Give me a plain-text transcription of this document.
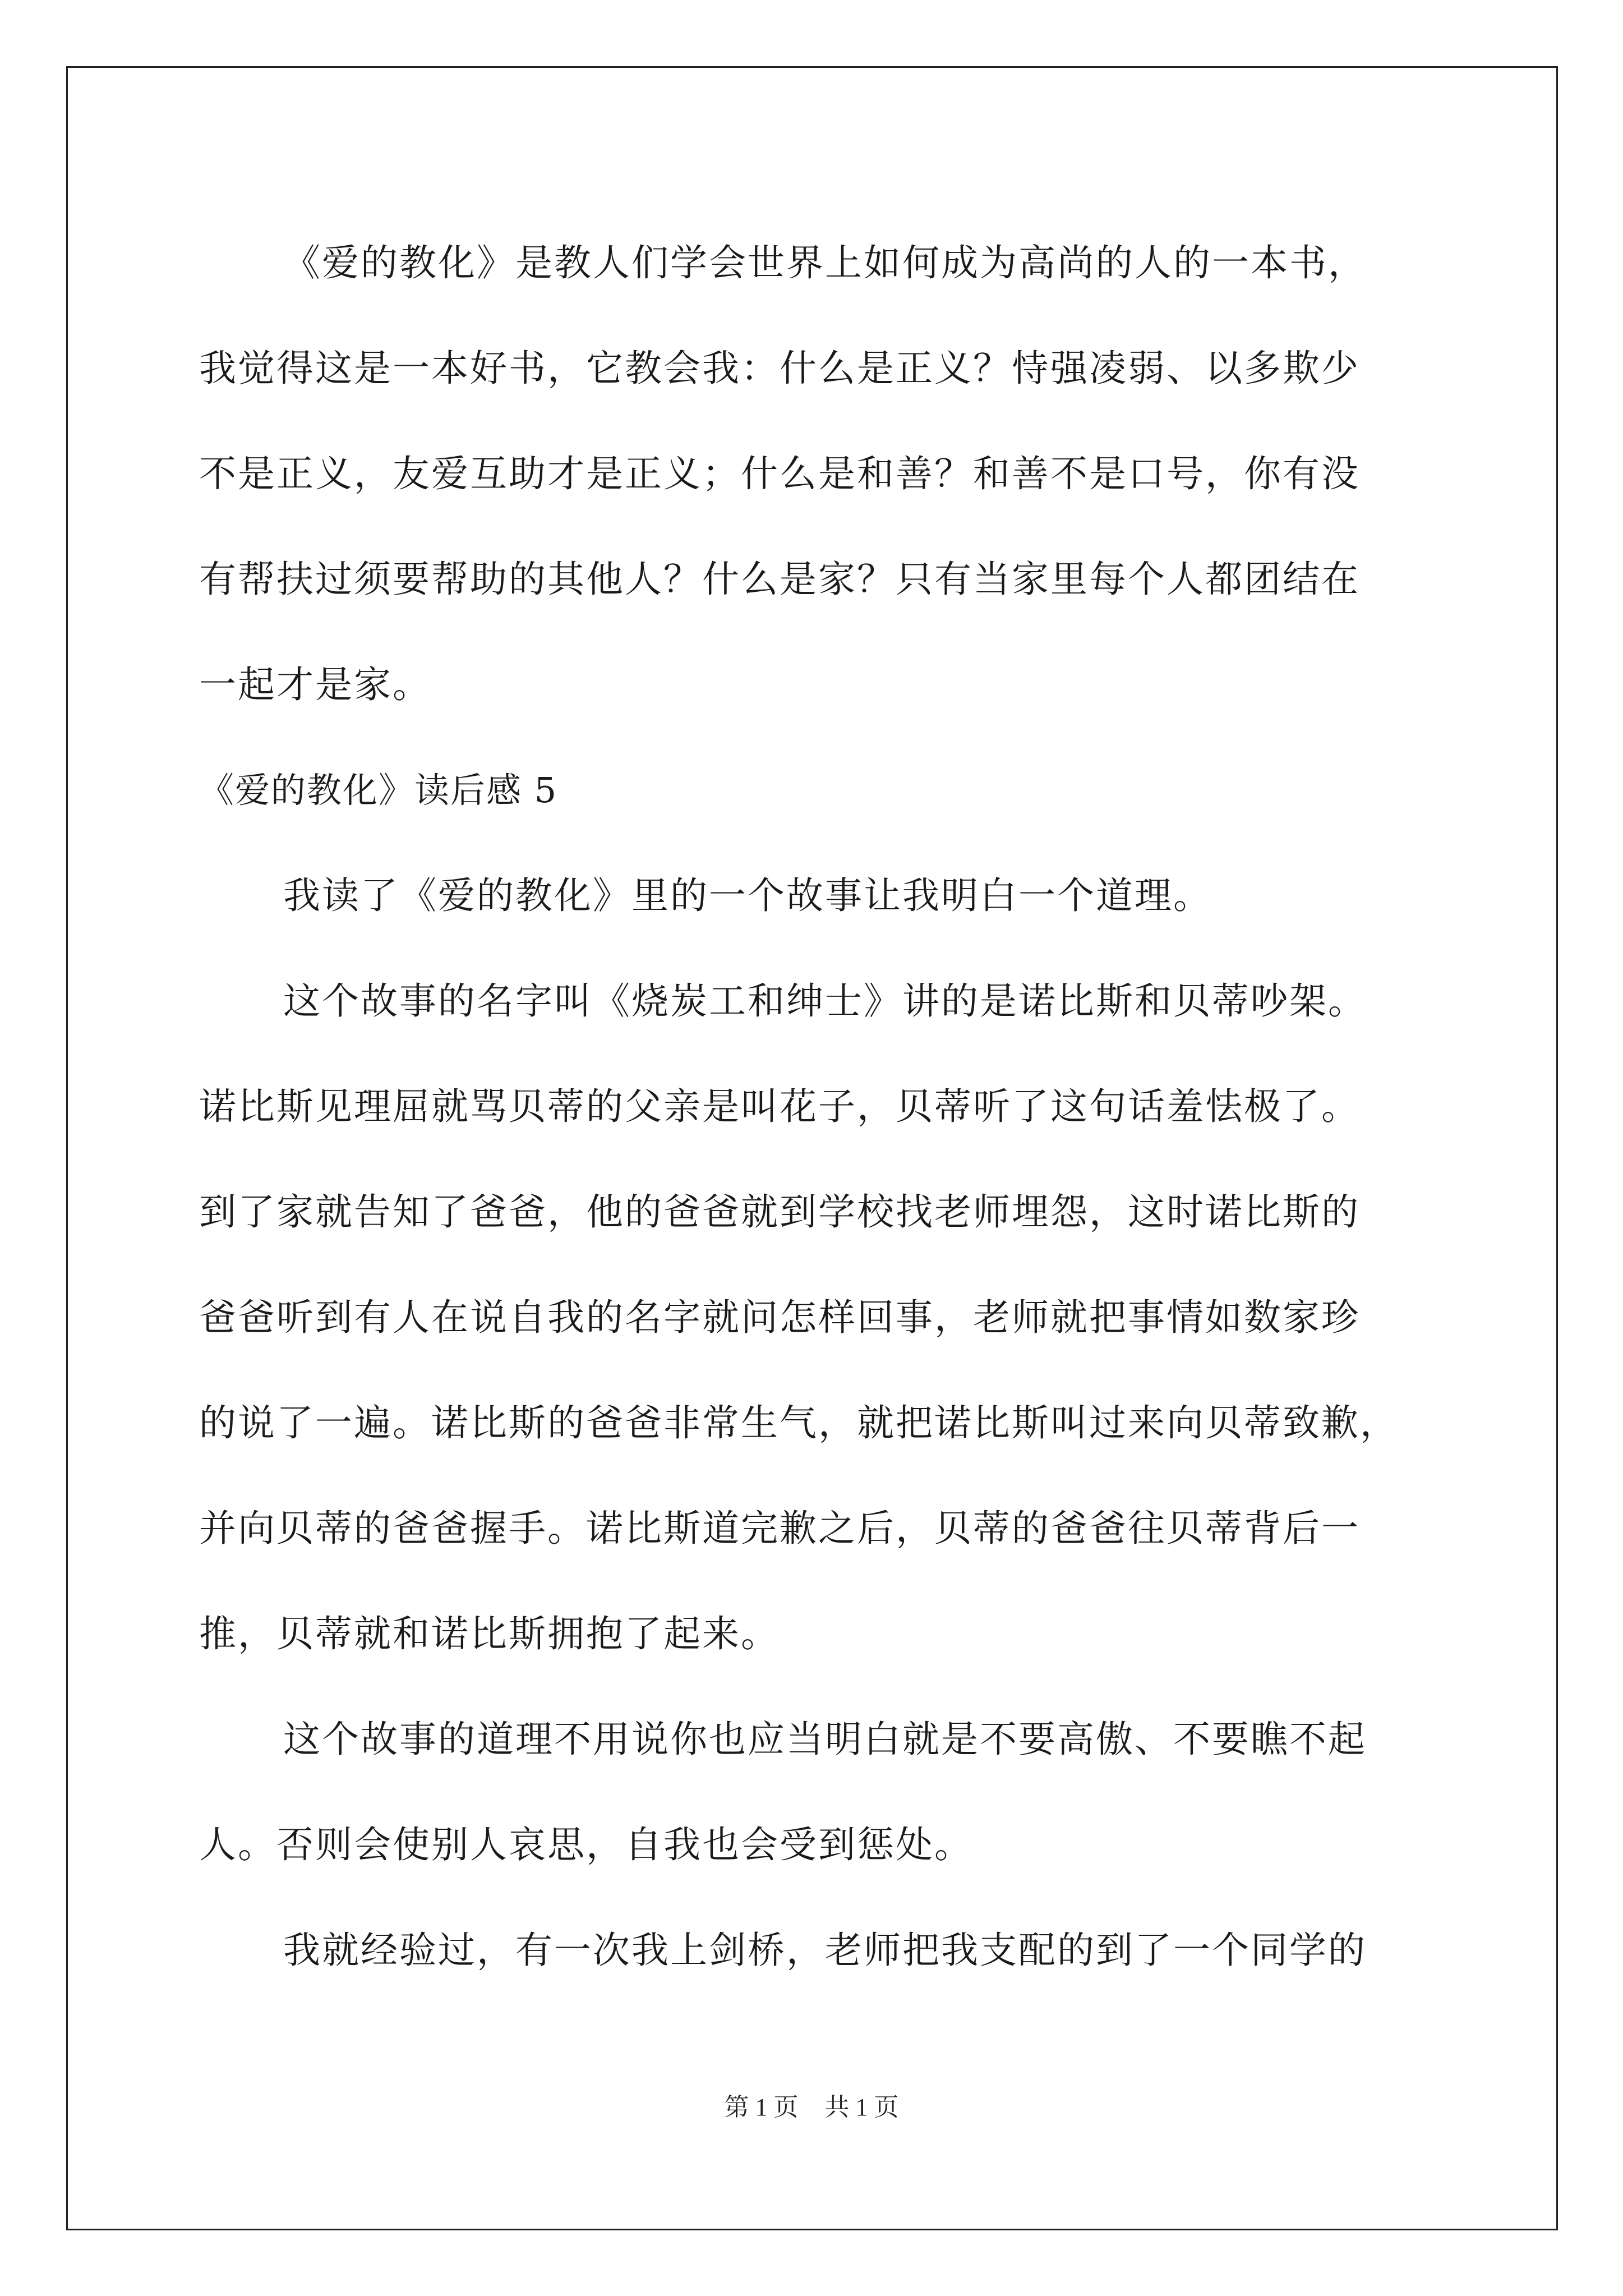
《爱的教化》是教人们学会世界上如何成为高尚的人的一本书，
我觉得这是一本好书，它教会我：什么是正义？恃强凌弱、以多欺少
不是正义，友爱互助才是正义；什么是和善？和善不是口号，你有没
有帮扶过须要帮助的其他人？什么是家？只有当家里每个人都团结在
一起才是家。
《爱的教化》读后感 5
我读了《爱的教化》里的一个故事让我明白一个道理。
这个故事的名字叫《烧炭工和绅士》讲的是诺比斯和贝蒂吵架。
诺比斯见理屈就骂贝蒂的父亲是叫花子，贝蒂听了这句话羞怯极了。
到了家就告知了爸爸，他的爸爸就到学校找老师埋怨，这时诺比斯的
爸爸听到有人在说自我的名字就问怎样回事，老师就把事情如数家珍
的说了一遍。诺比斯的爸爸非常生气，就把诺比斯叫过来向贝蒂致歉，
并向贝蒂的爸爸握手。诺比斯道完歉之后，贝蒂的爸爸往贝蒂背后一
推，贝蒂就和诺比斯拥抱了起来。
这个故事的道理不用说你也应当明白就是不要高傲、不要瞧不起
人。否则会使别人哀思，自我也会受到惩处。
我就经验过，有一次我上剑桥，老师把我支配的到了一个同学的
第 1 页 共 1 页
